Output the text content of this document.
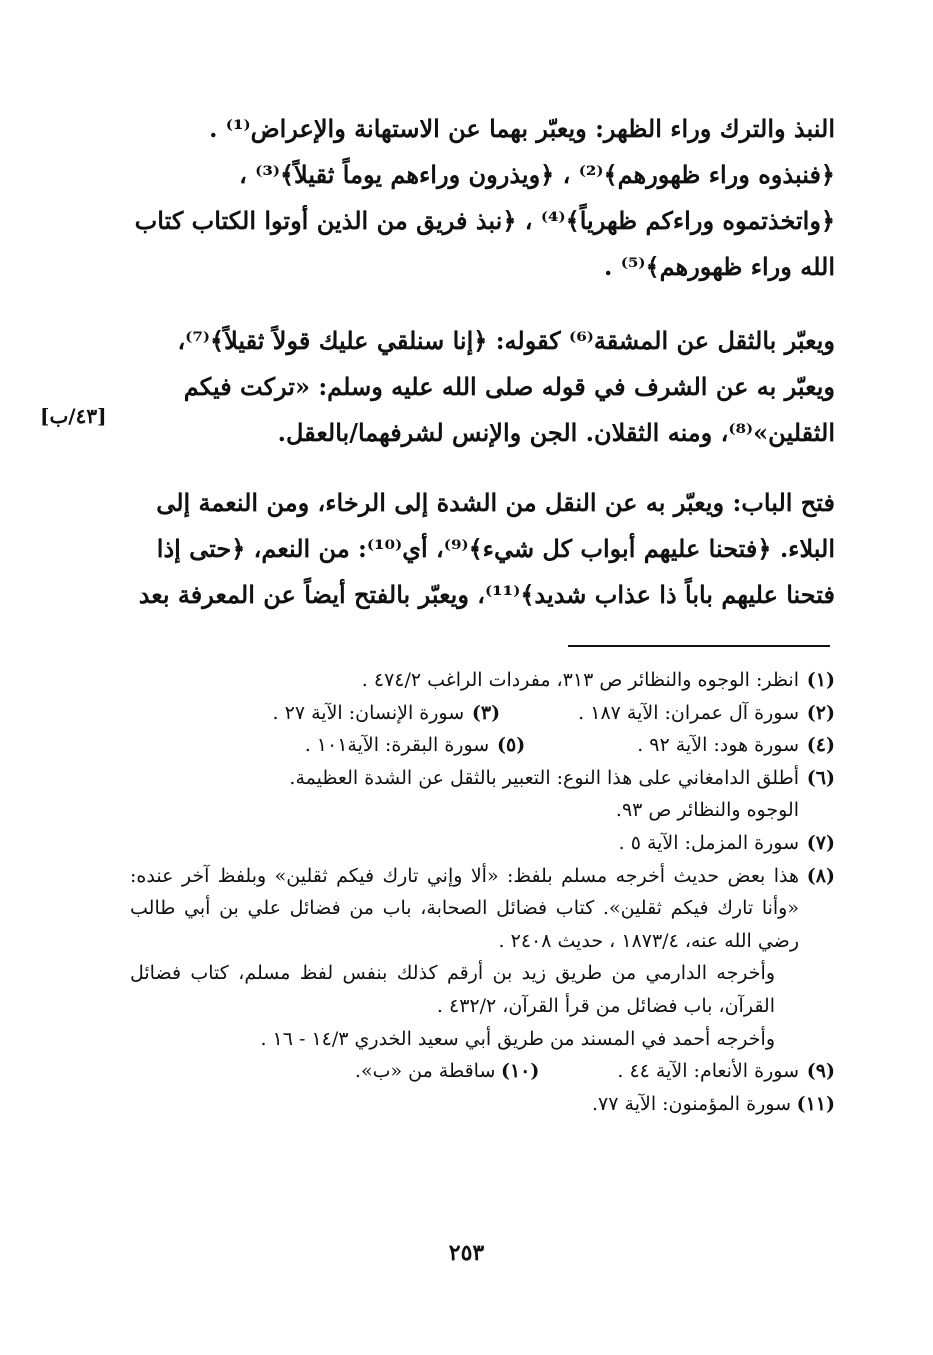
النبذ والترك وراء الظهر: ويعبّر بهما عن الاستهانة والإعراض⁽¹⁾ .

﴿فنبذوه وراء ظهورهم﴾⁽²⁾ ، ﴿ويذرون وراءهم يوماً ثقيلاً﴾⁽³⁾ ،

﴿واتخذتموه وراءكم ظهرياً﴾⁽⁴⁾ ، ﴿نبذ فريق من الذين أوتوا الكتاب كتاب

الله وراء ظهورهم﴾⁽⁵⁾ .

ويعبّر بالثقل عن المشقة⁽⁶⁾ كقوله: ﴿إنا سنلقي عليك قولاً ثقيلاً﴾⁽⁷⁾،

ويعبّر به عن الشرف في قوله صلى الله عليه وسلم: «تركت فيكم

الثقلين»⁽⁸⁾، ومنه الثقلان. الجن والإنس لشرفهما/بالعقل.

[٤٣/ب]

فتح الباب: ويعبّر به عن النقل من الشدة إلى الرخاء، ومن النعمة إلى

البلاء. ﴿فتحنا عليهم أبواب كل شيء﴾⁽⁹⁾، أي⁽¹⁰⁾: من النعم، ﴿حتى إذا

فتحنا عليهم باباً ذا عذاب شديد﴾⁽¹¹⁾، ويعبّر بالفتح أيضاً عن المعرفة بعد

(١)
انظر: الوجوه والنظائر ص ٣١٣، مفردات الراغب ٤٧٤/٢ .
(٢)
سورة آل عمران: الآية ١٨٧ .
(٣)
سورة الإنسان: الآية ٢٧ .
(٤)
سورة هود: الآية ٩٢ .
(٥)
سورة البقرة: الآية١٠١ .
(٦)
أطلق الدامغاني على هذا النوع: التعبير بالثقل عن الشدة العظيمة.
الوجوه والنظائر ص ٩٣.
(٧)
سورة المزمل: الآية ٥ .
(٨)
هذا بعض حديث أخرجه مسلم بلفظ: «ألا وإني تارك فيكم ثقلين» وبلفظ آخر عنده: «وأنا تارك فيكم ثقلين». كتاب فضائل الصحابة، باب من فضائل علي بن أبي طالب رضي الله عنه، ١٨٧٣/٤ ، حديث ٢٤٠٨ .
وأخرجه الدارمي من طريق زيد بن أرقم كذلك بنفس لفظ مسلم، كتاب فضائل القرآن، باب فضائل من قرأ القرآن، ٤٣٢/٢ .
وأخرجه أحمد في المسند من طريق أبي سعيد الخدري ١٤/٣ - ١٦ .
(٩)
سورة الأنعام: الآية ٤٤ .
(١٠)
ساقطة من «ب».
(١١)
سورة المؤمنون: الآية ٧٧.
٢٥٣
